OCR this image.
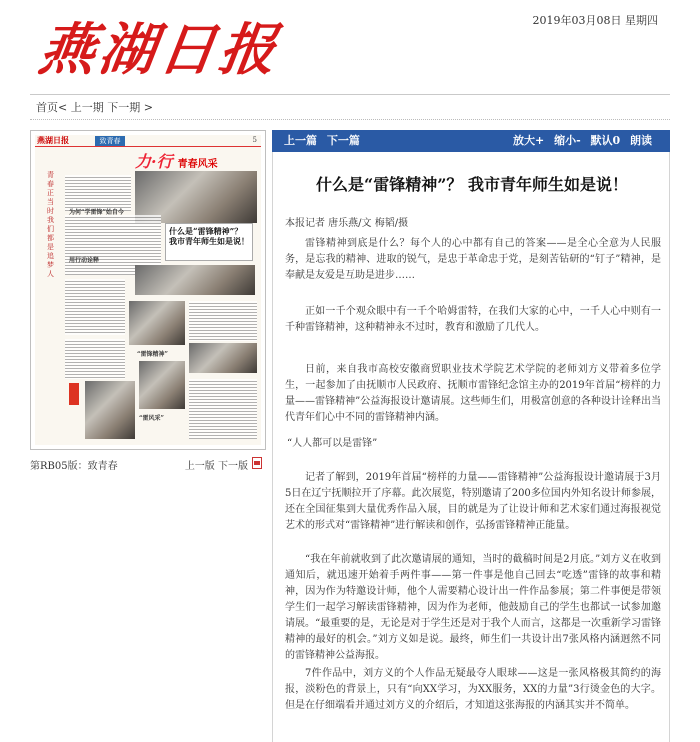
燕湖日报	2019年03月08日 星期四
首页< 上一期 下一期 >
燕湖日报	致青春	5
力·行 青春风采
青春正当时我们都是追梦人
什么是“雷锋精神”？我市青年师生如是说！
为何“学雷锋”始自今
用行动诠释
“雷锋精神”
“雷风采”
第RB05版：致青春	上一版 下一版
上一篇 下一篇	放大+ 缩小- 默认0 朗读
什么是“雷锋精神”？ 我市青年师生如是说！
本报记者 唐乐燕/文 梅韬/摄

雷锋精神到底是什么？每个人的心中都有自己的答案——是全心全意为人民服务，是忘我的精神、进取的锐气，是忠于革命忠于党，是刻苦钻研的“钉子”精神，是奉献是友爱是互助是进步……

正如一千个观众眼中有一千个哈姆雷特，在我们大家的心中，一千人心中则有一千种雷锋精神，这种精神永不过时，教育和激励了几代人。

日前，来自我市高校安徽商贸职业技术学院艺术学院的老师刘方义带着多位学生，一起参加了由抚顺市人民政府、抚顺市雷锋纪念馆主办的2019年首届“榜样的力量——雷锋精神”公益海报设计邀请展。这些师生们，用极富创意的各种设计诠释出当代青年们心中不同的雷锋精神内涵。

“人人都可以是雷锋”

记者了解到，2019年首届“榜样的力量——雷锋精神”公益海报设计邀请展于3月5日在辽宁抚顺拉开了序幕。此次展览，特别邀请了200多位国内外知名设计师参展，还在全国征集到大量优秀作品入展，目的就是为了让设计师和艺术家们通过海报视觉艺术的形式对“雷锋精神”进行解读和创作，弘扬雷锋精神正能量。

“我在年前就收到了此次邀请展的通知，当时的截稿时间是2月底。”刘方义在收到通知后，就迅速开始着手两件事——第一件事是他自己回去“吃透”雷锋的故事和精神，因为作为特邀设计师，他个人需要精心设计出一件作品参展；第二件事便是带领学生们一起学习解读雷锋精神，因为作为老师，他鼓励自己的学生也都试一试参加邀请展。“最重要的是，无论是对于学生还是对于我个人而言，这都是一次重新学习雷锋精神的最好的机会。”刘方义如是说。最终，师生们一共设计出7张风格内涵迥然不同的雷锋精神公益海报。

7件作品中，刘方义的个人作品无疑最夺人眼球——这是一张风格极其简约的海报，淡粉色的背景上，只有“向XX学习，为XX服务，XX的力量”3行烫金色的大字。但是在仔细端看并通过刘方义的介绍后，才知道这张海报的内涵其实并不简单。
